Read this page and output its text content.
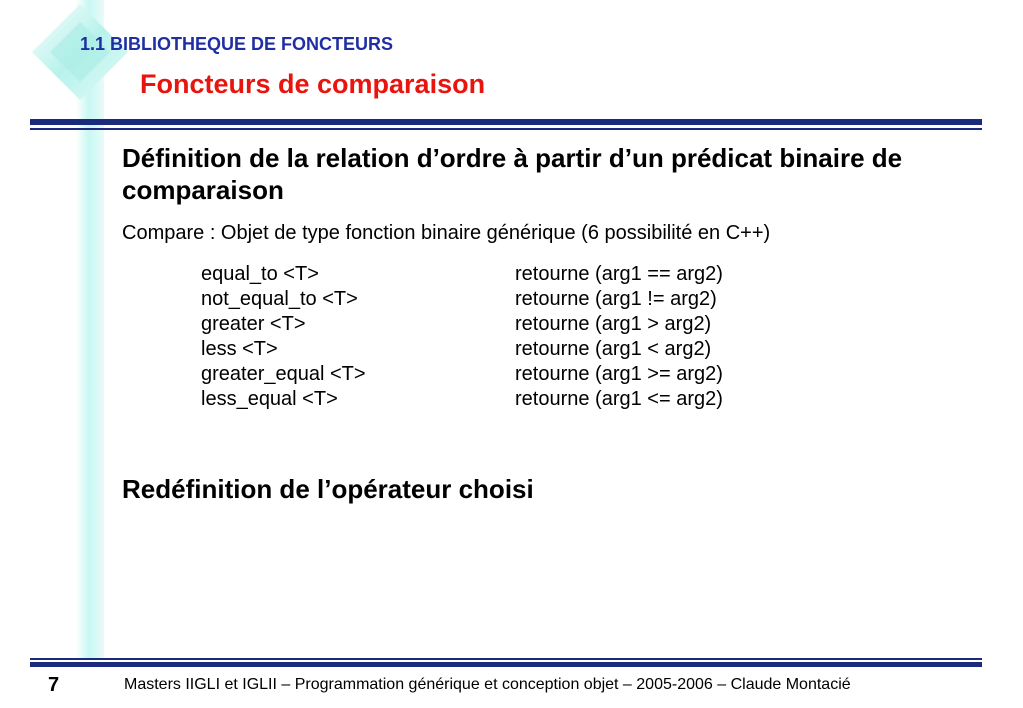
1.1 BIBLIOTHEQUE DE FONCTEURS
Foncteurs de comparaison
Définition de la relation d’ordre à partir d’un prédicat binaire de comparaison
Compare : Objet de type fonction binaire générique (6 possibilité en C++)
equal_to <T>	retourne (arg1 == arg2)
not_equal_to <T>	retourne (arg1 != arg2)
greater <T>	retourne (arg1 > arg2)
less <T>	retourne (arg1 < arg2)
greater_equal <T>	retourne (arg1 >= arg2)
less_equal <T>	retourne (arg1 <= arg2)
Redéfinition de l’opérateur choisi
7	Masters IIGLI et IGLII – Programmation générique et conception objet – 2005-2006 – Claude Montacié
